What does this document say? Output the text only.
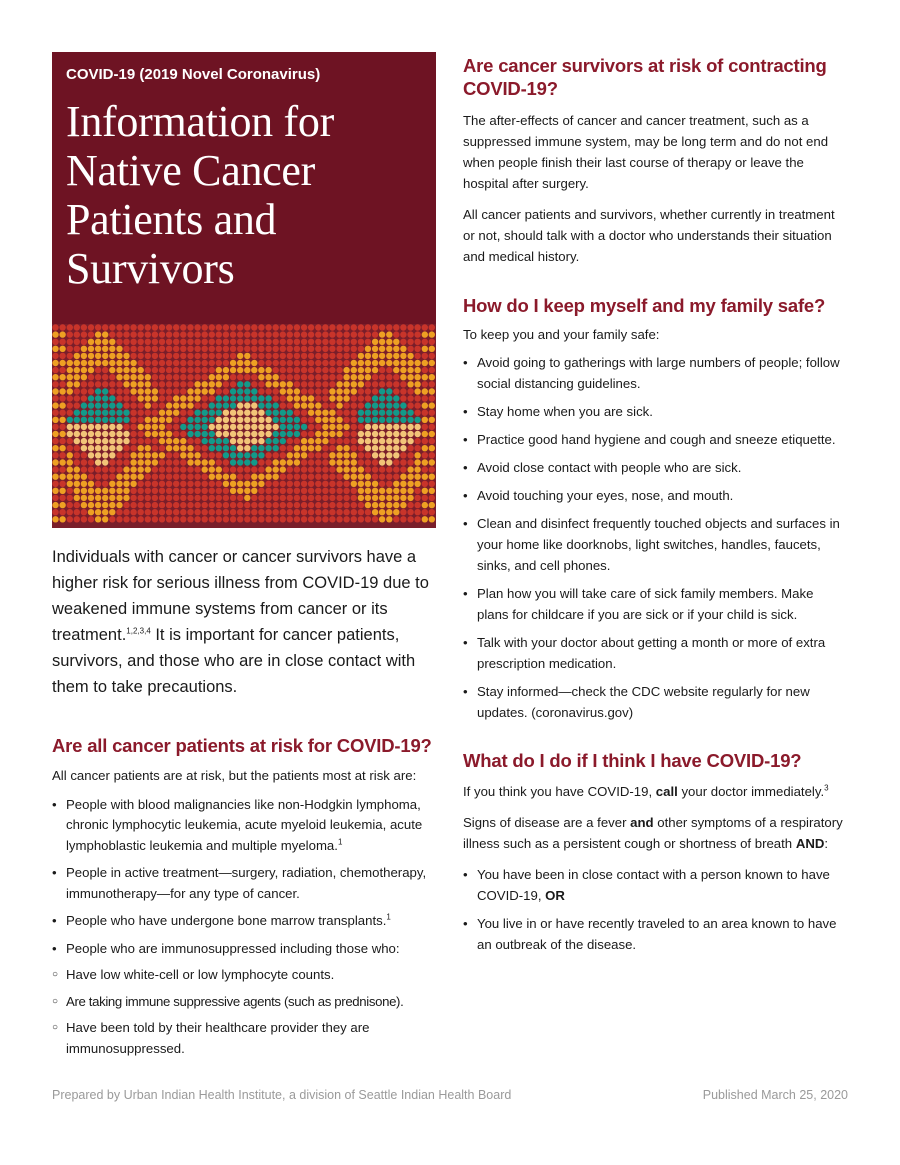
COVID-19 (2019 Novel Coronavirus)
Information for
Native Cancer
Patients and
Survivors

Individuals with cancer or cancer survivors have a higher risk for serious illness from COVID-19 due to weakened immune systems from cancer or its treatment.$^{1,2,3,4}$ It is important for cancer patients, survivors, and those who are in close contact with them to take precautions.

Are all cancer patients at risk for COVID-19?

All cancer patients are at risk, but the patients most at risk are:

• People with blood malignancies like non-Hodgkin lymphoma, chronic lymphocytic leukemia, acute myeloid leukemia, acute lymphoblastic leukemia and multiple myeloma.$^1$
• People in active treatment—surgery, radiation, chemotherapy, immunotherapy—for any type of cancer.
• People who have undergone bone marrow transplants.$^1$
• People who are immunosuppressed including those who:
○ Have low white-cell or low lymphocyte counts.
○ Are taking immune suppressive agents (such as prednisone).
○ Have been told by their healthcare provider they are immunosuppressed.
Are cancer survivors at risk of contracting COVID-19?

The after-effects of cancer and cancer treatment, such as a suppressed immune system, may be long term and do not end when people finish their last course of therapy or leave the hospital after surgery.

All cancer patients and survivors, whether currently in treatment or not, should talk with a doctor who understands their situation and medical history.

How do I keep myself and my family safe?

To keep you and your family safe:

• Avoid going to gatherings with large numbers of people; follow social distancing guidelines.
• Stay home when you are sick.
• Practice good hand hygiene and cough and sneeze etiquette.
• Avoid close contact with people who are sick.
• Avoid touching your eyes, nose, and mouth.
• Clean and disinfect frequently touched objects and surfaces in your home like doorknobs, light switches, handles, faucets, sinks, and cell phones.
• Plan how you will take care of sick family members. Make plans for childcare if you are sick or if your child is sick.
• Talk with your doctor about getting a month or more of extra prescription medication.
• Stay informed—check the CDC website regularly for new updates. (coronavirus.gov)
What do I do if I think I have COVID-19?

If you think you have COVID-19, call your doctor immediately.$^3$

Signs of disease are a fever and other symptoms of a respiratory illness such as a persistent cough or shortness of breath AND:

• You have been in close contact with a person known to have COVID-19, OR
• You live in or have recently traveled to an area known to have an outbreak of the disease.
Prepared by Urban Indian Health Institute, a division of Seattle Indian Health Board	Published March 25, 2020
